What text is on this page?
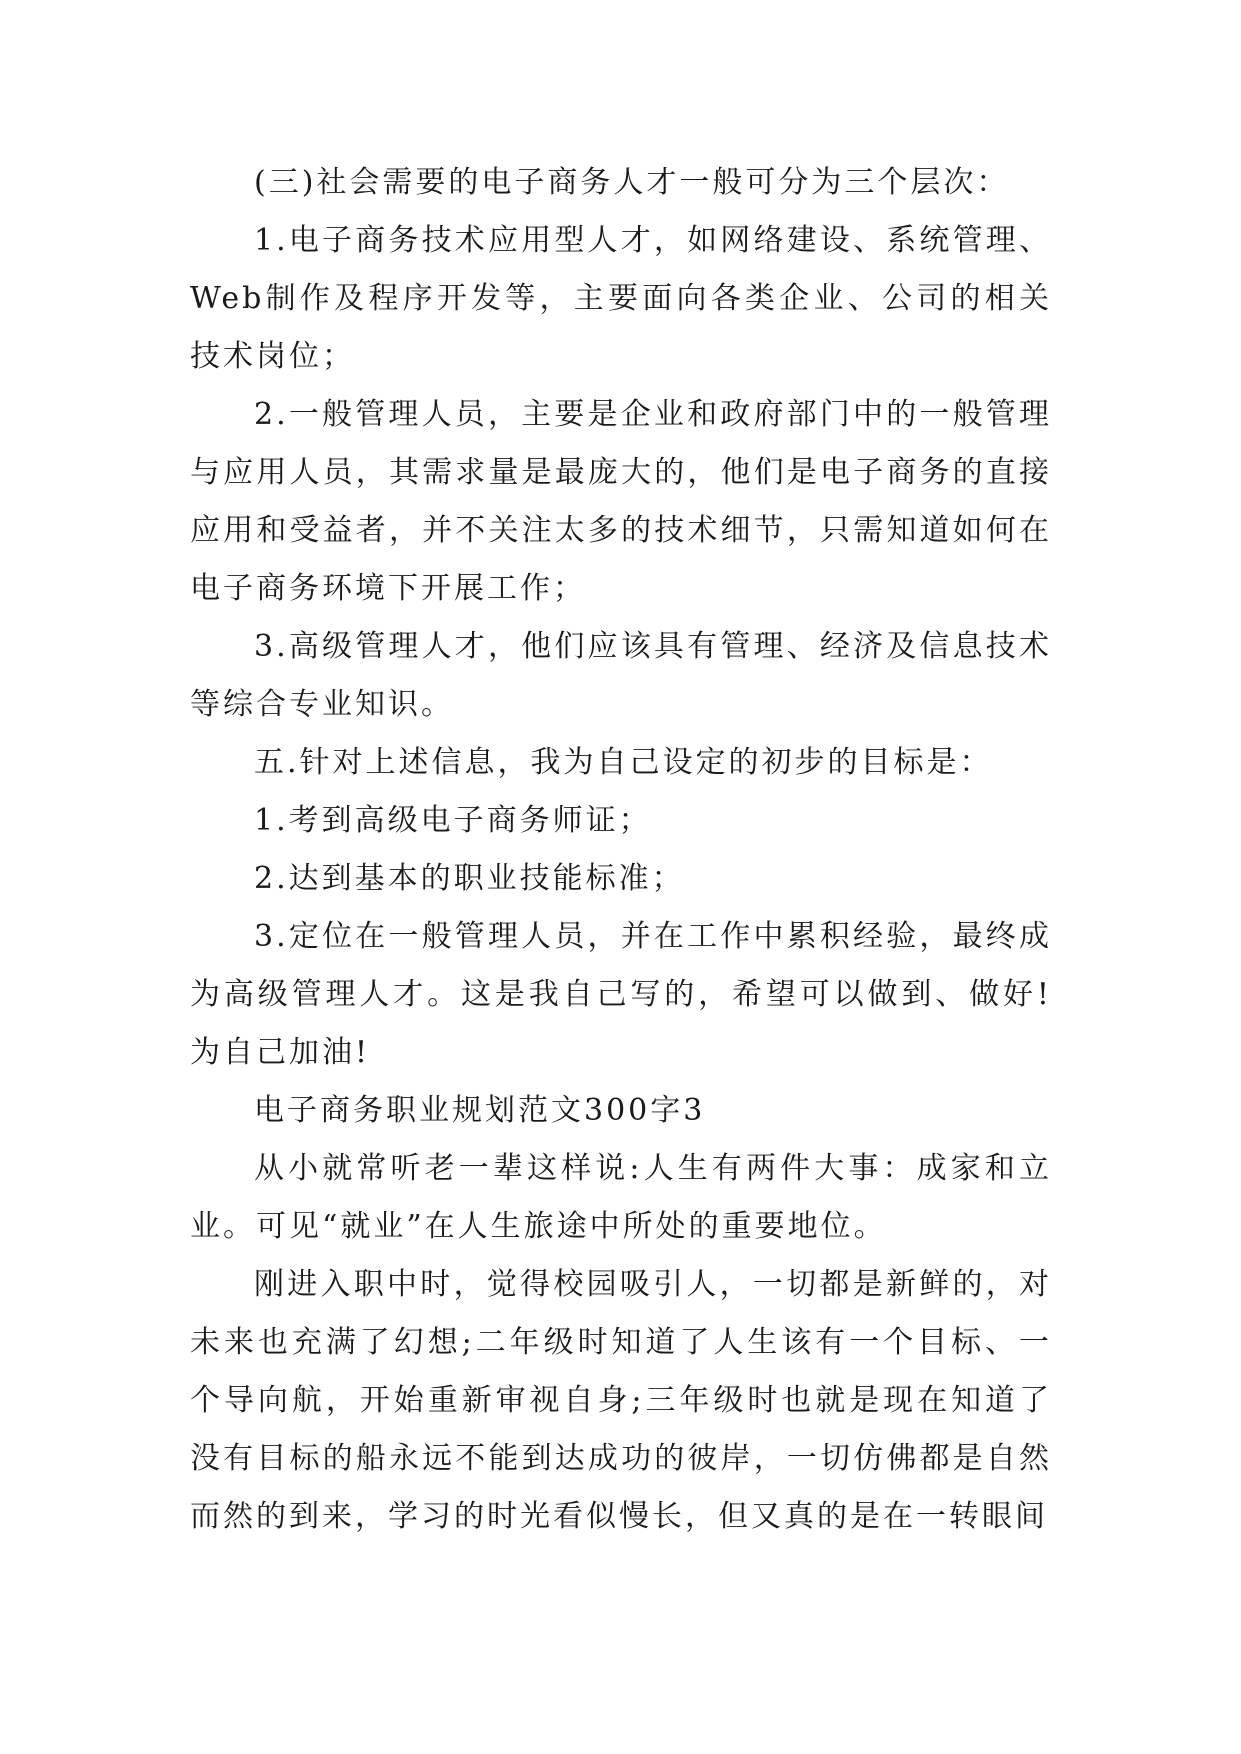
(三)社会需要的电子商务人才一般可分为三个层次：

1.电子商务技术应用型人才，如网络建设、系统管理、Web制作及程序开发等，主要面向各类企业、公司的相关技术岗位；

2.一般管理人员，主要是企业和政府部门中的一般管理与应用人员，其需求量是最庞大的，他们是电子商务的直接应用和受益者，并不关注太多的技术细节，只需知道如何在电子商务环境下开展工作；

3.高级管理人才，他们应该具有管理、经济及信息技术等综合专业知识。

五.针对上述信息，我为自己设定的初步的目标是：

1.考到高级电子商务师证；

2.达到基本的职业技能标准；

3.定位在一般管理人员，并在工作中累积经验，最终成为高级管理人才。这是我自己写的，希望可以做到、做好!为自己加油!

电子商务职业规划范文300字3

从小就常听老一辈这样说:人生有两件大事：成家和立业。可见“就业”在人生旅途中所处的重要地位。

刚进入职中时，觉得校园吸引人，一切都是新鲜的，对未来也充满了幻想;二年级时知道了人生该有一个目标、一个导向航，开始重新审视自身;三年级时也就是现在知道了没有目标的船永远不能到达成功的彼岸，一切仿佛都是自然而然的到来，学习的时光看似慢长，但又真的是在一转眼间
